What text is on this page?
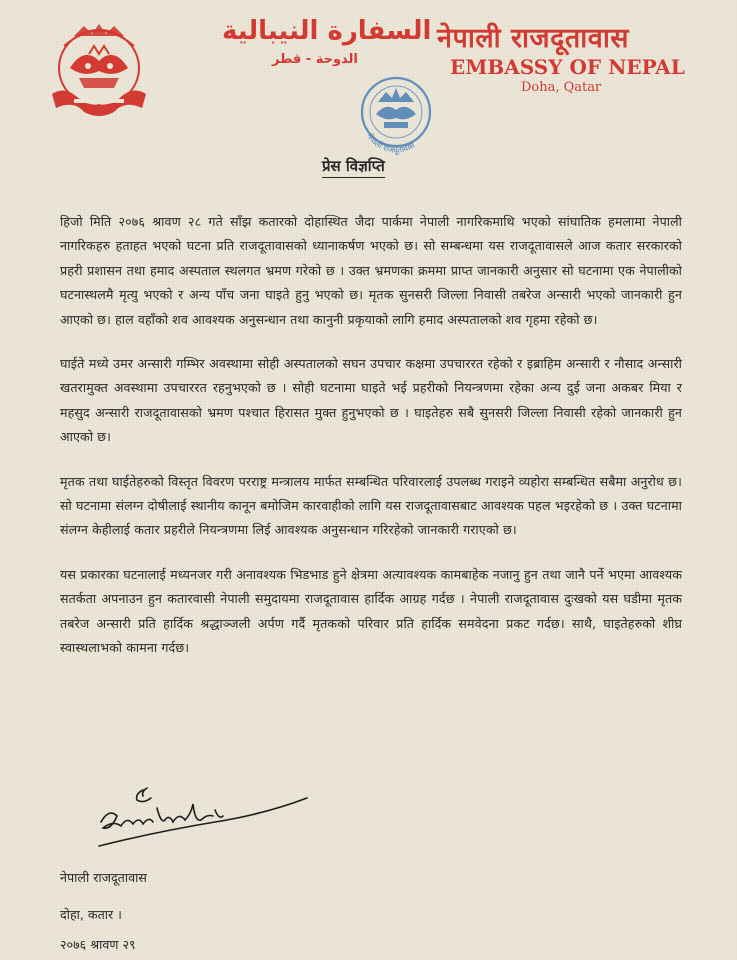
السفارة النيبالية
الدوحة - قطر
नेपाली राजदूतावास
EMBASSY OF NEPAL
Doha, Qatar
नेपाली राजदूतावास
प्रेस विज्ञप्ति

हिजो मिति २०७६ श्रावण २८ गते साँझ कतारको दोहास्थित जैदा पार्कमा नेपाली नागरिकमाथि भएको सांघातिक हमलामा नेपाली नागरिकहरु हताहत भएको घटना प्रति राजदूतावासको ध्यानाकर्षण भएको छ। सो सम्बन्धमा यस राजदूतावासले आज कतार सरकारको प्रहरी प्रशासन तथा हमाद अस्पताल स्थलगत भ्रमण गरेको छ । उक्त भ्रमणका क्रममा प्राप्त जानकारी अनुसार सो घटनामा एक नेपालीको घटनास्थलमै मृत्यु भएको र अन्य पाँच जना घाइते हुनु भएको छ। मृतक सुनसरी जिल्ला निवासी तबरेज अन्सारी भएको जानकारी हुन आएको छ। हाल वहाँको शव आवश्यक अनुसन्धान तथा कानुनी प्रकृयाको लागि हमाद अस्पतालको शव गृहमा रहेको छ।

घाईते मध्ये उमर अन्सारी गम्भिर अवस्थामा सोही अस्पतालको सघन उपचार कक्षमा उपचाररत रहेको र इब्राहिम अन्सारी र नौसाद अन्सारी खतरामुक्त अवस्थामा उपचाररत रहनुभएको छ । सोही घटनामा घाइते भई प्रहरीको नियन्त्रणमा रहेका अन्य दुई जना अकबर मिया र महसुद अन्सारी राजदूतावासको भ्रमण पश्चात हिरासत मुक्त हुनुभएको छ । घाइतेहरु सबै सुनसरी जिल्ला निवासी रहेको जानकारी हुन आएको छ।

मृतक तथा घाईतेहरुको विस्तृत विवरण परराष्ट्र मन्त्रालय मार्फत सम्बन्धित परिवारलाई उपलब्ध गराइने व्यहोरा सम्बन्धित सबैमा अनुरोध छ। सो घटनामा संलग्न दोषीलाई स्थानीय कानून बमोजिम कारवाहीको लागि यस राजदूतावासबाट आवश्यक पहल भइरहेको छ । उक्त घटनामा संलग्न केहीलाई कतार प्रहरीले नियन्त्रणमा लिई आवश्यक अनुसन्धान गरिरहेको जानकारी गराएको छ।

यस प्रकारका घटनालाई मध्यनजर गरी अनावश्यक भिडभाड हुने क्षेत्रमा अत्यावश्यक कामबाहेक नजानु हुन तथा जानै पर्ने भएमा आवश्यक सतर्कता अपनाउन हुन कतारवासी नेपाली समुदायमा राजदूतावास हार्दिक आग्रह गर्दछ । नेपाली राजदूतावास दुःखको यस घडीमा मृतक तबरेज अन्सारी प्रति हार्दिक श्रद्धाञ्जली अर्पण गर्दै मृतकको परिवार प्रति हार्दिक समवेदना प्रकट गर्दछ। साथै, घाइतेहरुको शीघ्र स्वास्थलाभको कामना गर्दछ।

नेपाली राजदूतावास
दोहा, कतार ।
२०७६ श्रावण २९
